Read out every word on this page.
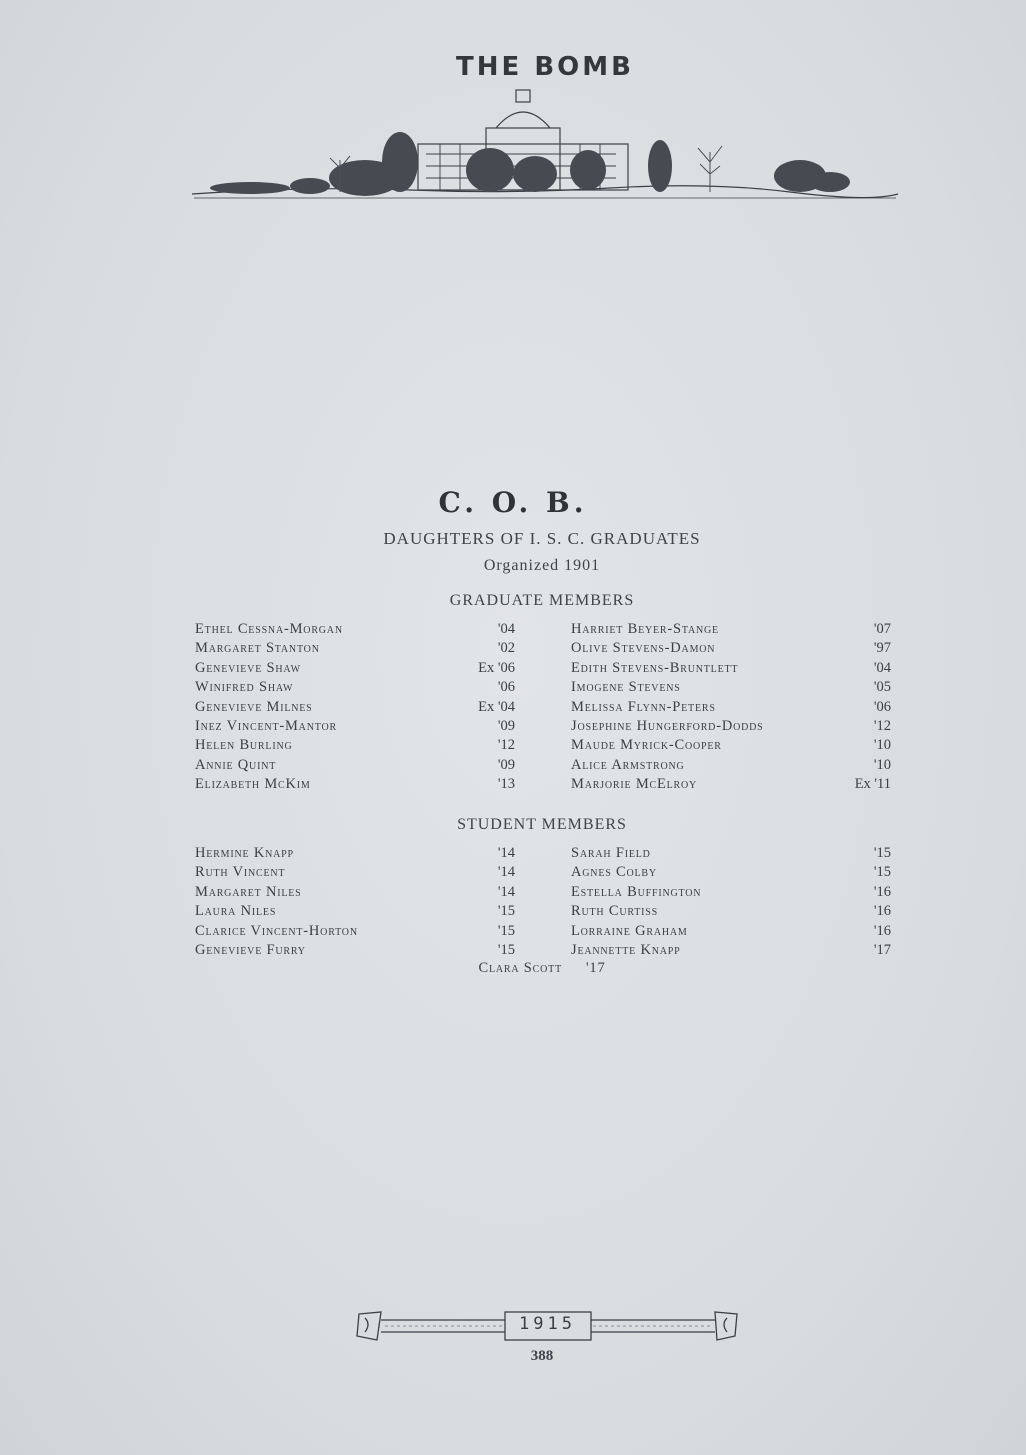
THE BOMB
C. O. B.
DAUGHTERS OF I. S. C. GRADUATES
Organized 1901
GRADUATE MEMBERS
Ethel Cessna-Morgan	'04	Harriet Beyer-Stange	'07
Margaret Stanton	'02	Olive Stevens-Damon	'97
Genevieve Shaw	Ex '06	Edith Stevens-Bruntlett	'04
Winifred Shaw	'06	Imogene Stevens	'05
Genevieve Milnes	Ex '04	Melissa Flynn-Peters	'06
Inez Vincent-Mantor	'09	Josephine Hungerford-Dodds	'12
Helen Burling	'12	Maude Myrick-Cooper	'10
Annie Quint	'09	Alice Armstrong	'10
Elizabeth McKim	'13	Marjorie McElroy	Ex '11
STUDENT MEMBERS
Hermine Knapp	'14	Sarah Field	'15
Ruth Vincent	'14	Agnes Colby	'15
Margaret Niles	'14	Estella Buffington	'16
Laura Niles	'15	Ruth Curtiss	'16
Clarice Vincent-Horton	'15	Lorraine Graham	'16
Genevieve Furry	'15	Jeannette Knapp	'17
Clara Scott '17
1915
388
